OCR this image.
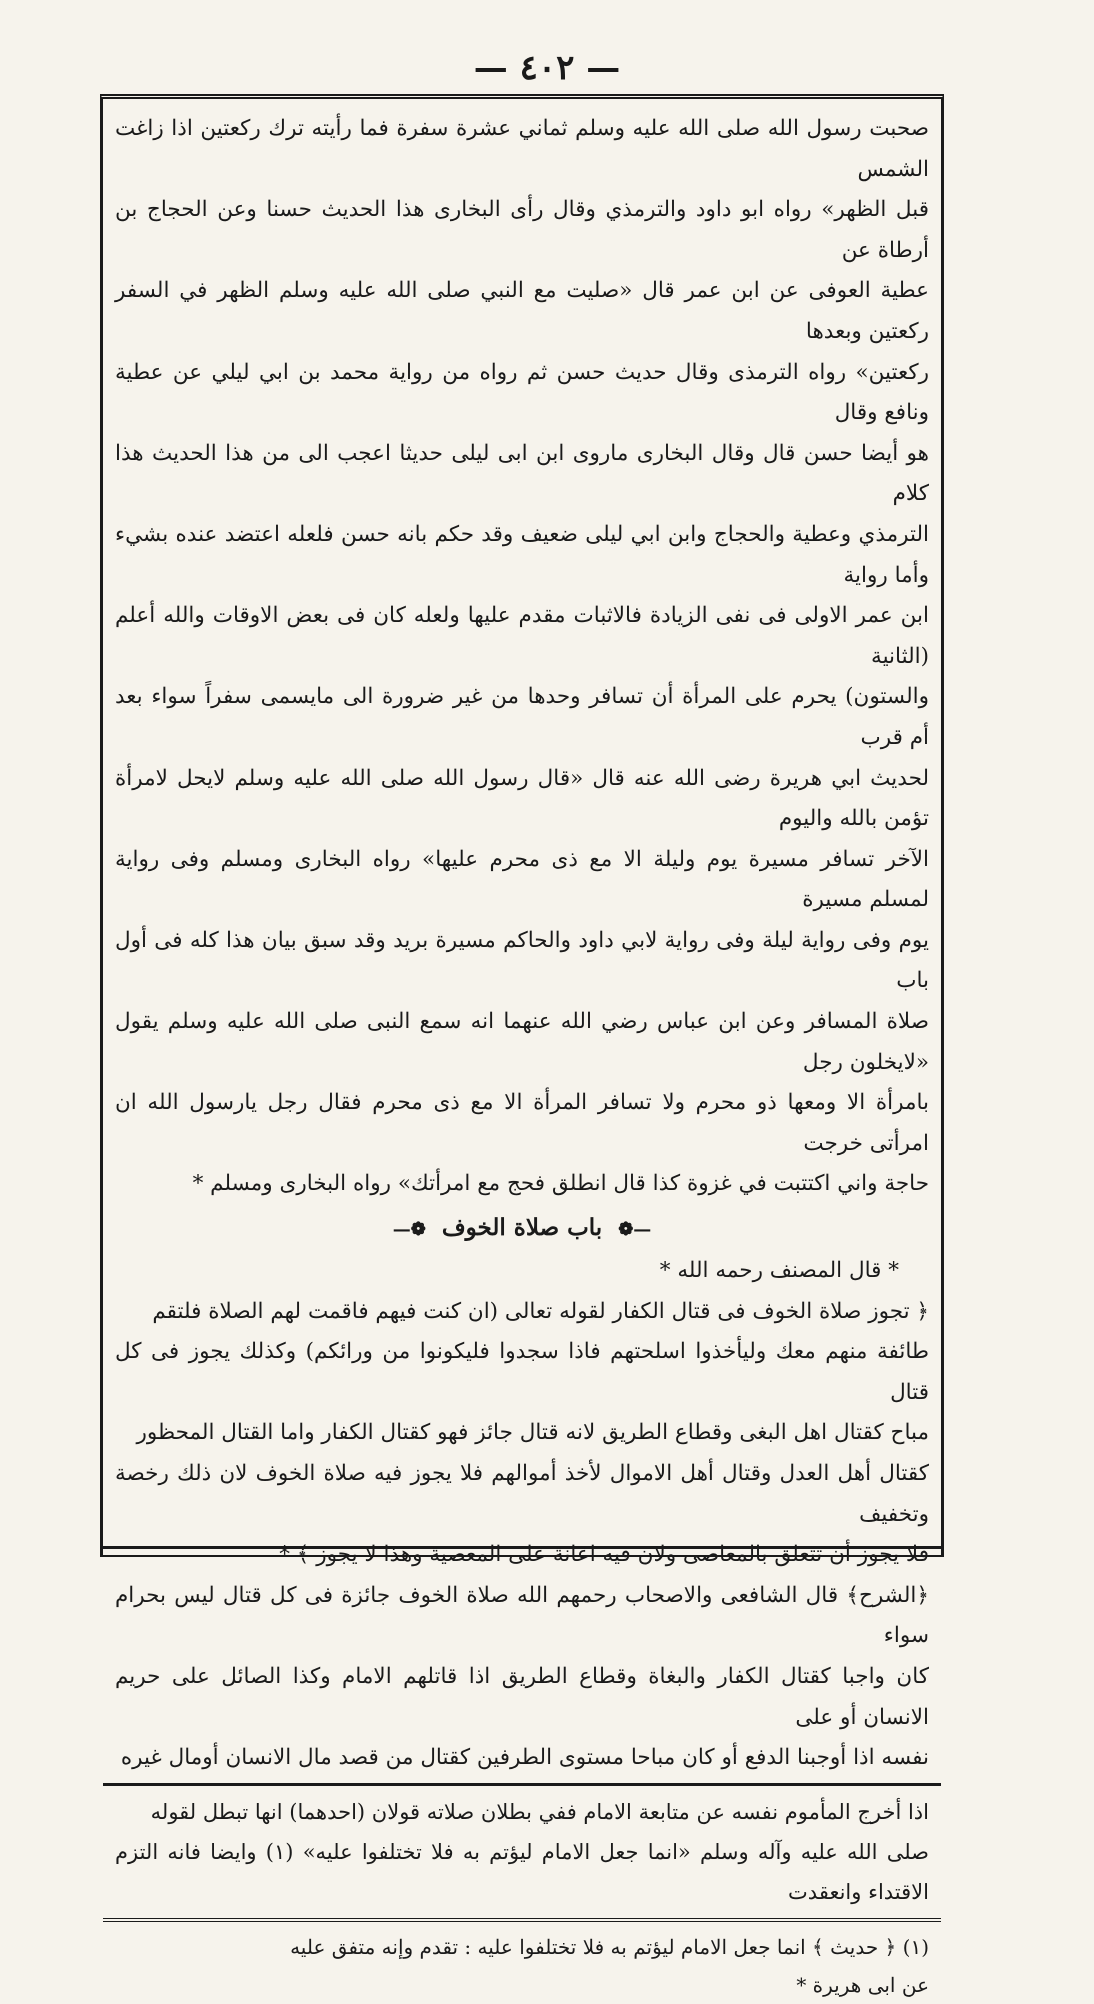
— ٤٠٢ —

صحبت رسول الله صلى الله عليه وسلم ثماني عشرة سفرة فما رأيته ترك ركعتين اذا زاغت الشمس

قبل الظهر» رواه ابو داود والترمذي وقال رأى البخارى هذا الحديث حسنا وعن الحجاج بن أرطاة عن

عطية العوفى عن ابن عمر قال «صليت مع النبي صلى الله عليه وسلم الظهر في السفر ركعتين وبعدها

ركعتين» رواه الترمذى وقال حديث حسن ثم رواه من رواية محمد بن ابي ليلي عن عطية ونافع وقال

هو أيضا حسن قال وقال البخارى ماروى ابن ابى ليلى حديثا اعجب الى من هذا الحديث هذا كلام

الترمذي وعطية والحجاج وابن ابي ليلى ضعيف وقد حكم بانه حسن فلعله اعتضد عنده بشيء وأما رواية

ابن عمر الاولى فى نفى الزيادة فالاثبات مقدم عليها ولعله كان فى بعض الاوقات والله أعلم (الثانية

والستون) يحرم على المرأة أن تسافر وحدها من غير ضرورة الى مايسمى سفراً سواء بعد أم قرب

لحديث ابي هريرة رضى الله عنه قال «قال رسول الله صلى الله عليه وسلم لايحل لامرأة تؤمن بالله واليوم

الآخر تسافر مسيرة يوم وليلة الا مع ذى محرم عليها» رواه البخارى ومسلم وفى رواية لمسلم مسيرة

يوم وفى رواية ليلة وفى رواية لابي داود والحاكم مسيرة بريد وقد سبق بيان هذا كله فى أول باب

صلاة المسافر وعن ابن عباس رضي الله عنهما انه سمع النبى صلى الله عليه وسلم يقول «لايخلون رجل

بامرأة الا ومعها ذو محرم ولا تسافر المرأة الا مع ذى محرم فقال رجل يارسول الله ان امرأتى خرجت

حاجة واني اكتتبت في غزوة كذا قال انطلق فحج مع امرأتك» رواه البخارى ومسلم *

—❁ باب صلاة الخوف ❁—

* قال المصنف رحمه الله *

﴿ تجوز صلاة الخوف فى قتال الكفار لقوله تعالى (ان كنت فيهم فاقمت لهم الصلاة فلتقم

طائفة منهم معك وليأخذوا اسلحتهم فاذا سجدوا فليكونوا من ورائكم) وكذلك يجوز فى كل قتال

مباح كقتال اهل البغى وقطاع الطريق لانه قتال جائز فهو كقتال الكفار واما القتال المحظور

كقتال أهل العدل وقتال أهل الاموال لأخذ أموالهم فلا يجوز فيه صلاة الخوف لان ذلك رخصة وتخفيف

فلا يجوز أن تتعلق بالمعاصى ولان فيه اعانة على المعصية وهذا لا يجوز ﴾ *

﴿الشرح﴾ قال الشافعى والاصحاب رحمهم الله صلاة الخوف جائزة فى كل قتال ليس بحرام سواء

كان واجبا كقتال الكفار والبغاة وقطاع الطريق اذا قاتلهم الامام وكذا الصائل على حريم الانسان أو على

نفسه اذا أوجبنا الدفع أو كان مباحا مستوى الطرفين كقتال من قصد مال الانسان أومال غيره

اذا أخرج المأموم نفسه عن متابعة الامام ففي بطلان صلاته قولان (احدهما) انها تبطل لقوله

صلى الله عليه وآله وسلم «انما جعل الامام ليؤتم به فلا تختلفوا عليه» (١) وايضا فانه التزم الاقتداء وانعقدت

(١) ﴿ حديث ﴾ انما جعل الامام ليؤتم به فلا تختلفوا عليه : تقدم وإنه متفق عليه

عن ابى هريرة *
